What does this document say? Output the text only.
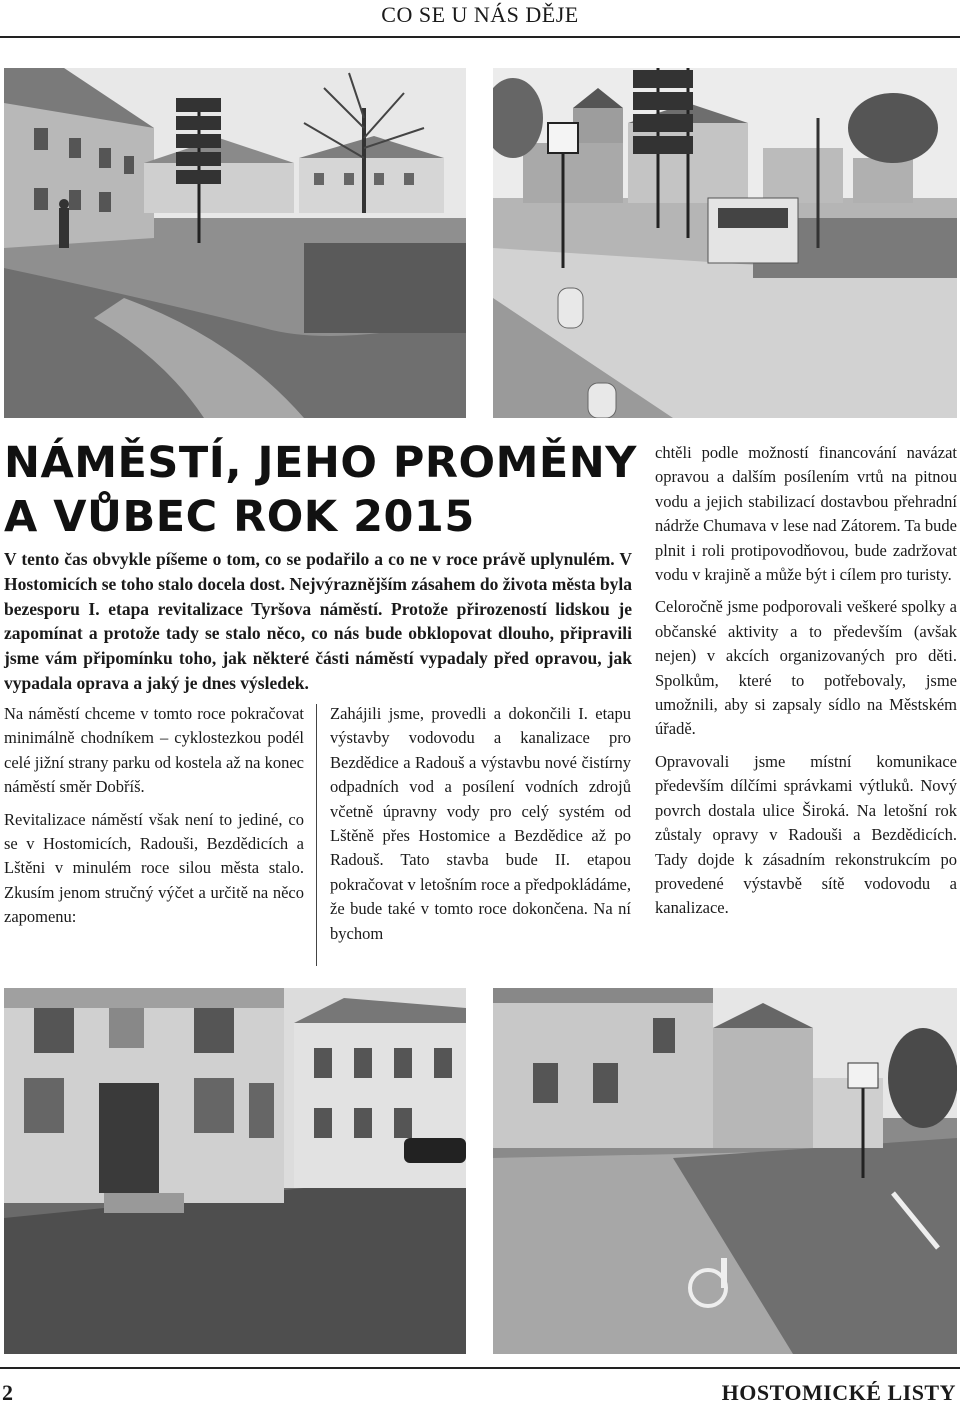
CO SE U NÁS DĚJE
NÁMĚSTÍ, JEHO PROMĚNY
A VŮBEC ROK 2015
V tento čas obvykle píšeme o tom, co se podařilo a co ne v roce právě uplynulém. V Hostomicích se toho stalo docela dost. Nejvýraznějším zásahem do života města byla bezesporu I. etapa revitalizace Tyršova náměstí. Protože přirozeností lidskou je zapomínat a protože tady se stalo něco, co nás bude obklopovat dlouho, připravili jsme vám připomínku toho, jak některé části náměstí vypadaly před opravou, jak vypadala oprava a jaký je dnes výsledek.

Na náměstí chceme v tomto roce pokračovat minimálně chodníkem – cyklostezkou podél celé jižní strany parku od kostela až na konec náměstí směr Dobříš.

Revitalizace náměstí však není to jediné, co se v Hostomicích, Radouši, Bezdědicích a Lštěni v minulém roce silou města stalo. Zkusím jenom stručný výčet a určitě na něco zapomenu:

Zahájili jsme, provedli a dokončili I. etapu výstavby vodovodu a kanalizace pro Bezdědice a Radouš a výstavbu nové čistírny odpadních vod a posílení vodních zdrojů včetně úpravny vody pro celý systém od Lštěně přes Hostomice a Bezdědice až po Radouš. Tato stavba bude II. etapou pokračovat v letošním roce a předpokládáme, že bude také v tomto roce dokončena. Na ní bychom

chtěli podle možností financování navázat opravou a dalším posílením vrtů na pitnou vodu a jejich stabilizací dostavbou přehradní nádrže Chumava v lese nad Zátorem. Ta bude plnit i roli protipovodňovou, bude zadržovat vodu v krajině a může být i cílem pro turisty.

Celoročně jsme podporovali veškeré spolky a občanské aktivity a to především (avšak nejen) v akcích organizovaných pro děti. Spolkům, které to potřebovaly, jsme umožnili, aby si zapsaly sídlo na Městském úřadě.

Opravovali jsme místní komunikace především dílčími správkami výtluků. Nový povrch dostala ulice Široká. Na letošní rok zůstaly opravy v Radouši a Bezdědicích. Tady dojde k zásadním rekonstrukcím po provedené výstavbě sítě vodovodu a kanalizace.

2	HOSTOMICKÉ LISTY
